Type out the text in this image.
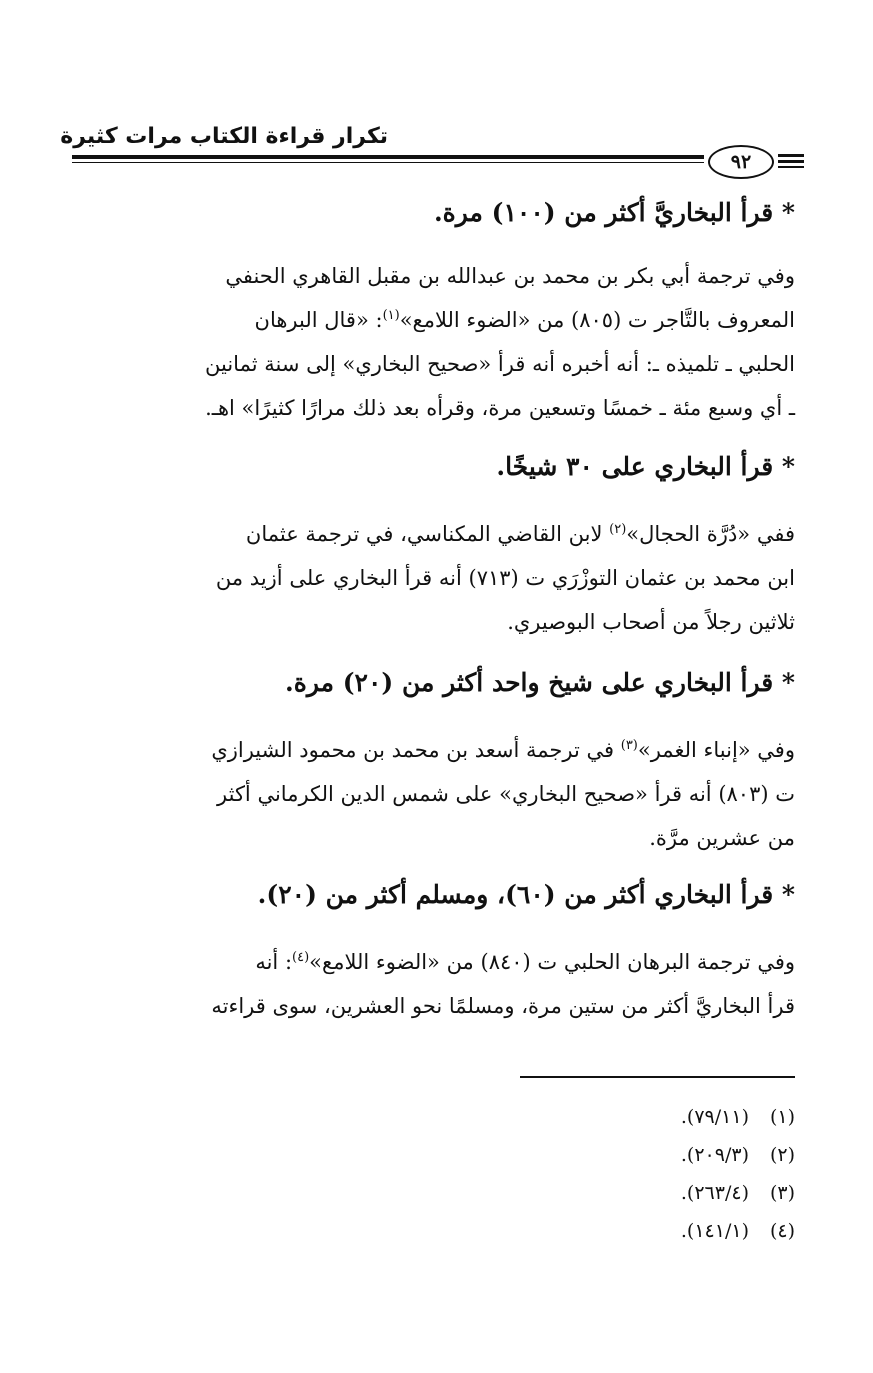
تكرار قراءة الكتاب مرات كثيرة
٩٢
* قرأ البخاريَّ أكثر من (١٠٠) مرة.
وفي ترجمة أبي بكر بن محمد بن عبدالله بن مقبل القاهري الحنفي
المعروف بالتَّاجر ت (٨٠٥) من «الضوء اللامع»$^{(١)}$: «قال البرهان
الحلبي ـ تلميذه ـ: أنه أخبره أنه قرأ «صحيح البخاري» إلى سنة ثمانين
ـ أي وسبع مئة ـ خمسًا وتسعين مرة، وقرأه بعد ذلك مرارًا كثيرًا» اهـ.
* قرأ البخاري على ٣٠ شيخًا.
ففي «دُرَّة الحجال»$^{(٢)}$ لابن القاضي المكناسي، في ترجمة عثمان
ابن محمد بن عثمان التوزْرَي ت (٧١٣) أنه قرأ البخاري على أزيد من
ثلاثين رجلاً من أصحاب البوصيري.
* قرأ البخاري على شيخ واحد أكثر من (٢٠) مرة.
وفي «إنباء الغمر»$^{(٣)}$ في ترجمة أسعد بن محمد بن محمود الشيرازي
ت (٨٠٣) أنه قرأ «صحيح البخاري» على شمس الدين الكرماني أكثر
من عشرين مرَّة.
* قرأ البخاري أكثر من (٦٠)، ومسلم أكثر من (٢٠).
وفي ترجمة البرهان الحلبي ت (٨٤٠) من «الضوء اللامع»$^{(٤)}$: أنه
قرأ البخاريَّ أكثر من ستين مرة، ومسلمًا نحو العشرين، سوى قراءته
(١)(٧٩/١١).
(٢)(٢٠٩/٣).
(٣)(٢٦٣/٤).
(٤)(١٤١/١).
